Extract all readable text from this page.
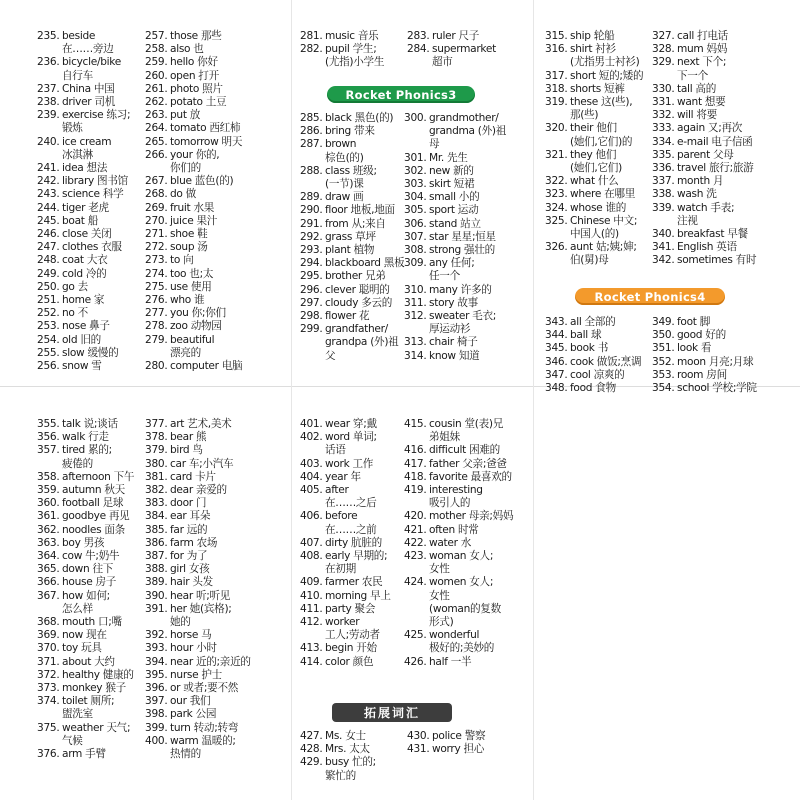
235. beside
在……旁边
236. bicycle/bike
自行车
237. China 中国
238. driver 司机
239. exercise 练习;
锻炼
240. ice cream
冰淇淋
241. idea 想法
242. library 图书馆
243. science 科学
244. tiger 老虎
245. boat 船
246. close 关闭
247. clothes 衣服
248. coat 大衣
249. cold 冷的
250. go 去
251. home 家
252. no 不
253. nose 鼻子
254. old 旧的
255. slow 缓慢的
256. snow 雪
257. those 那些
258. also 也
259. hello 你好
260. open 打开
261. photo 照片
262. potato 土豆
263. put 放
264. tomato 西红柿
265. tomorrow 明天
266. your 你的,
你们的
267. blue 蓝色(的)
268. do 做
269. fruit 水果
270. juice 果汁
271. shoe 鞋
272. soup 汤
273. to 向
274. too 也;太
275. use 使用
276. who 谁
277. you 你;你们
278. zoo 动物园
279. beautiful
漂亮的
280. computer 电脑
281. music 音乐
282. pupil 学生;
(尤指)小学生
283. ruler 尺子
284. supermarket
超市
Rocket Phonics3
285. black 黑色(的)
286. bring 带来
287. brown
棕色(的)
288. class 班级;
(一节)课
289. draw 画
290. floor 地板,地面
291. from 从;来自
292. grass 草坪
293. plant 植物
294. blackboard 黑板
295. brother 兄弟
296. clever 聪明的
297. cloudy 多云的
298. flower 花
299. grandfather/
grandpa (外)祖
父
300. grandmother/
grandma (外)祖
母
301. Mr. 先生
302. new 新的
303. skirt 短裙
304. small 小的
305. sport 运动
306. stand 站立
307. star 星星;恒星
308. strong 强壮的
309. any 任何;
任一个
310. many 许多的
311. story 故事
312. sweater 毛衣;
厚运动衫
313. chair 椅子
314. know 知道
315. ship 轮船
316. shirt 衬衫
(尤指男士衬衫)
317. short 短的;矮的
318. shorts 短裤
319. these 这(些),
那(些)
320. their 他们
(她们,它们)的
321. they 他们
(她们,它们)
322. what 什么
323. where 在哪里
324. whose 谁的
325. Chinese 中文;
中国人(的)
326. aunt 姑;姨;婶;
伯(舅)母
327. call 打电话
328. mum 妈妈
329. next 下个;
下一个
330. tall 高的
331. want 想要
332. will 将要
333. again 又;再次
334. e-mail 电子信函
335. parent 父母
336. travel 旅行;旅游
337. month 月
338. wash 洗
339. watch 手表;
注视
340. breakfast 早餐
341. English 英语
342. sometimes 有时
Rocket Phonics4
343. all 全部的
344. ball 球
345. book 书
346. cook 做饭;烹调
347. cool 凉爽的
348. food 食物
349. foot 脚
350. good 好的
351. look 看
352. moon 月亮;月球
353. room 房间
354. school 学校;学院
355. talk 说;谈话
356. walk 行走
357. tired 累的;
疲倦的
358. afternoon 下午
359. autumn 秋天
360. football 足球
361. goodbye 再见
362. noodles 面条
363. boy 男孩
364. cow 牛;奶牛
365. down 往下
366. house 房子
367. how 如何;
怎么样
368. mouth 口;嘴
369. now 现在
370. toy 玩具
371. about 大约
372. healthy 健康的
373. monkey 猴子
374. toilet 厕所;
盥洗室
375. weather 天气;
气候
376. arm 手臂
377. art 艺术,美术
378. bear 熊
379. bird 鸟
380. car 车;小汽车
381. card 卡片
382. dear 亲爱的
383. door 门
384. ear 耳朵
385. far 远的
386. farm 农场
387. for 为了
388. girl 女孩
389. hair 头发
390. hear 听;听见
391. her 她(宾格);
她的
392. horse 马
393. hour 小时
394. near 近的;亲近的
395. nurse 护士
396. or 或者;要不然
397. our 我们
398. park 公园
399. turn 转动;转弯
400. warm 温暖的;
热情的
401. wear 穿;戴
402. word 单词;
话语
403. work 工作
404. year 年
405. after
在……之后
406. before
在……之前
407. dirty 肮脏的
408. early 早期的;
在初期
409. farmer 农民
410. morning 早上
411. party 聚会
412. worker
工人;劳动者
413. begin 开始
414. color 颜色
415. cousin 堂(表)兄
弟姐妹
416. difficult 困难的
417. father 父亲;爸爸
418. favorite 最喜欢的
419. interesting
吸引人的
420. mother 母亲;妈妈
421. often 时常
422. water 水
423. woman 女人;
女性
424. women 女人;
女性
(woman的复数
形式)
425. wonderful
极好的;美妙的
426. half 一半
拓展词汇
427. Ms. 女士
428. Mrs. 太太
429. busy 忙的;
繁忙的
430. police 警察
431. worry 担心
